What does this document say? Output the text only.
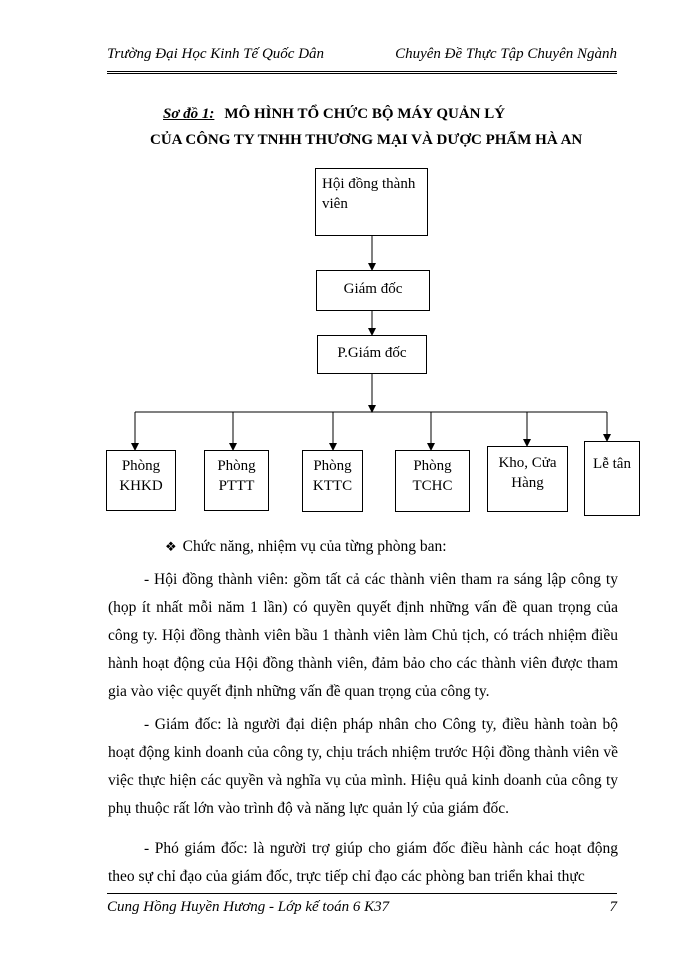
Trường Đại Học Kinh Tế Quốc Dân	Chuyên Đề Thực Tập Chuyên Ngành
Sơ đồ 1: MÔ HÌNH TỔ CHỨC BỘ MÁY QUẢN LÝ
CỦA CÔNG TY TNHH THƯƠNG MẠI VÀ DƯỢC PHẨM HÀ AN
Hội đồng thành viên
Giám đốc
P.Giám đốc
Phòng KHKD
Phòng PTTT
Phòng KTTC
Phòng TCHC
Kho, Cửa Hàng
Lễ tân
❖ Chức năng, nhiệm vụ của từng phòng ban:

- Hội đồng thành viên: gồm tất cả các thành viên tham ra sáng lập công ty (họp ít nhất mỗi năm 1 lần) có quyền quyết định những vấn đề quan trọng của công ty. Hội đồng thành viên bầu 1 thành viên làm Chủ tịch, có trách nhiệm điều hành hoạt động của Hội đồng thành viên, đảm bảo cho các thành viên được tham gia vào việc quyết định những vấn đề quan trọng của công ty.

- Giám đốc: là người đại diện pháp nhân cho Công ty, điều hành toàn bộ hoạt động kinh doanh của công ty, chịu trách nhiệm trước Hội đồng thành viên về việc thực hiện các quyền và nghĩa vụ của mình. Hiệu quả kinh doanh của công ty phụ thuộc rất lớn vào trình độ và năng lực quản lý của giám đốc.

- Phó giám đốc: là người trợ giúp cho giám đốc điều hành các hoạt động theo sự chỉ đạo của giám đốc, trực tiếp chỉ đạo các phòng ban triển khai thực

Cung Hồng Huyền Hương - Lớp kế toán 6 K37	7
